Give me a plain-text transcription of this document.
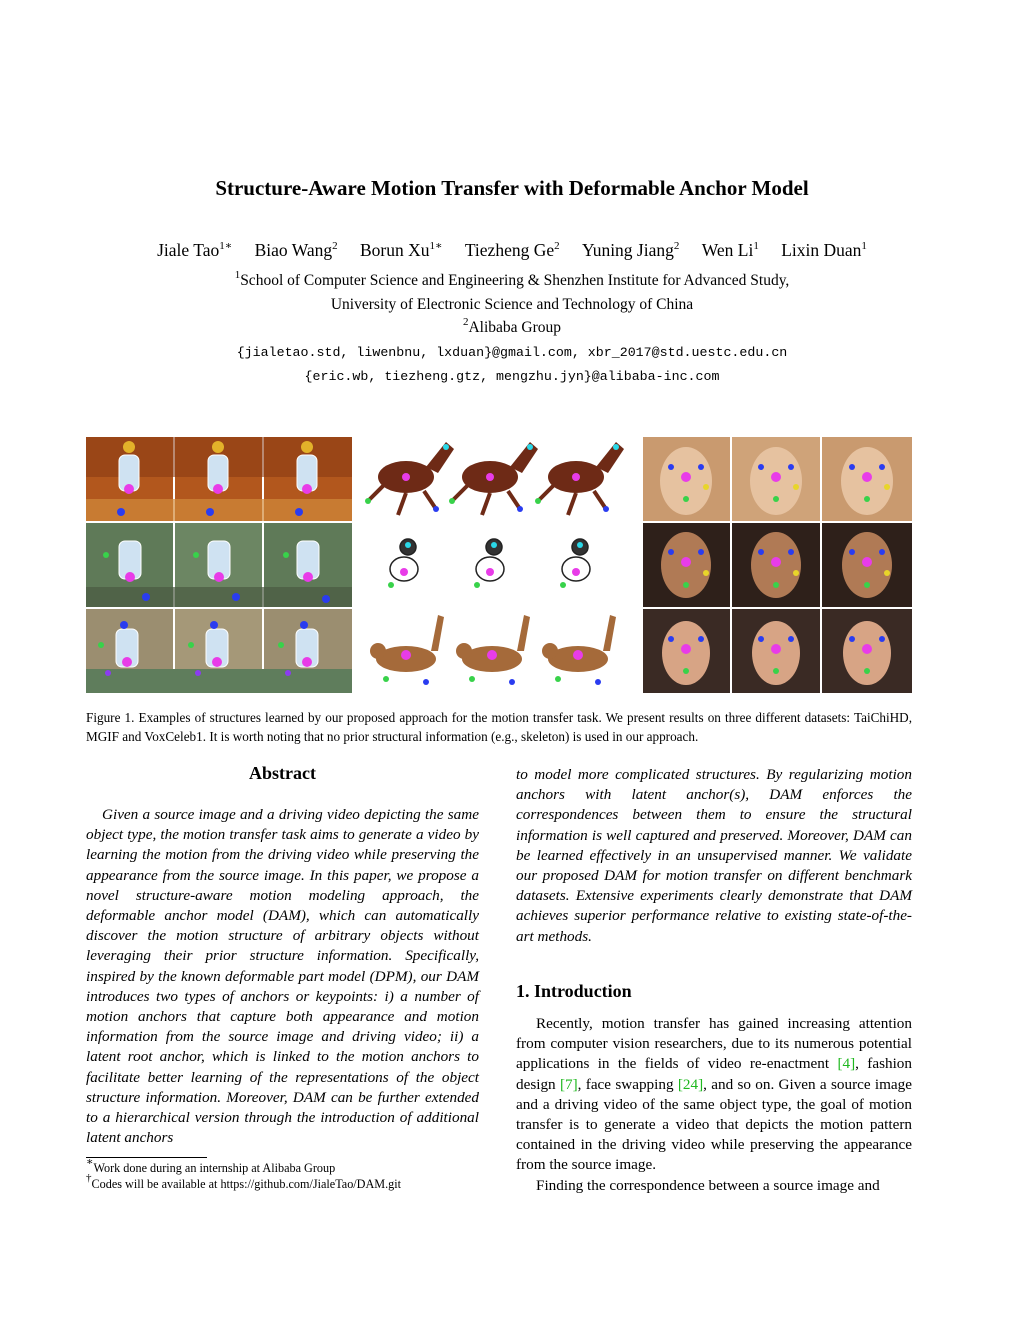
Structure-Aware Motion Transfer with Deformable Anchor Model
Jiale Tao$^{1∗}$ Biao Wang$^2$ Borun $Xu^{1∗}$ Tiezheng Ge$^2$ Yuning Jiang$^2$ Wen Li$^1$ Lixin Duan$^1$
$^1$School of Computer Science and Engineering & Shenzhen Institute for Advanced Study,
University of Electronic Science and Technology of China
$^2$Alibaba Group
{jialetao.std, liwenbnu, lxduan}@gmail.com, xbr_2017@std.uestc.edu.cn
{eric.wb, tiezheng.gtz, mengzhu.jyn}@alibaba-inc.com
Figure 1. Examples of structures learned by our proposed approach for the motion transfer task. We present results on three different datasets: TaiChiHD, MGIF and VoxCeleb1. It is worth noting that no prior structural information (e.g., skeleton) is used in our approach.
Abstract
Given a source image and a driving video depicting the same object type, the motion transfer task aims to generate a video by learning the motion from the driving video while preserving the appearance from the source image. In this paper, we propose a novel structure-aware motion modeling approach, the deformable anchor model (DAM), which can automatically discover the motion structure of arbitrary objects without leveraging their prior structure information. Specifically, inspired by the known deformable part model (DPM), our DAM introduces two types of anchors or keypoints: i) a number of motion anchors that capture both appearance and motion information from the source image and driving video; ii) a latent root anchor, which is linked to the motion anchors to facilitate better learning of the representations of the object structure information. Moreover, DAM can be further extended to a hierarchical version through the introduction of additional latent anchors
to model more complicated structures. By regularizing motion anchors with latent anchor(s), DAM enforces the correspondences between them to ensure the structural information is well captured and preserved. Moreover, DAM can be learned effectively in an unsupervised manner. We validate our proposed DAM for motion transfer on different benchmark datasets. Extensive experiments clearly demonstrate that DAM achieves superior performance relative to existing state-of-the-art methods.
1. Introduction
Recently, motion transfer has gained increasing attention from computer vision researchers, due to its numerous potential applications in the fields of video re-enactment [4], fashion design [7], face swapping [24], and so on. Given a source image and a driving video of the same object type, the goal of motion transfer is to generate a video that depicts the motion pattern contained in the driving video while preserving the appearance from the source image.
Finding the correspondence between a source image and
∗Work done during an internship at Alibaba Group
†Codes will be available at https://github.com/JialeTao/DAM.git
